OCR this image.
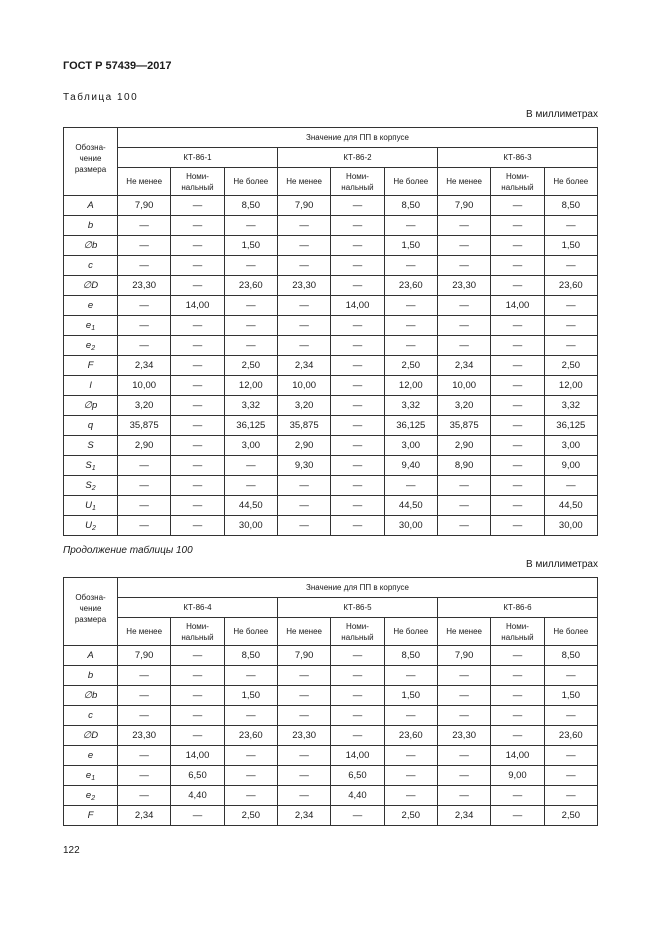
ГОСТ Р 57439—2017
Таблица 100
В миллиметрах
Обозна-
чение
размера	Значение для ПП в корпусе								
	КТ-86-1			КТ-86-2			КТ-86-3		
	Не менее	Номи-
нальный	Не более	Не менее	Номи-
нальный	Не более	Не менее	Номи-
нальный	Не более
A	7,90	—	8,50	7,90	—	8,50	7,90	—	8,50
b	—	—	—	—	—	—	—	—	—
∅b	—	—	1,50	—	—	1,50	—	—	1,50
c	—	—	—	—	—	—	—	—	—
∅D	23,30	—	23,60	23,30	—	23,60	23,30	—	23,60
e	—	14,00	—	—	14,00	—	—	14,00	—
$e_1$	—	—	—	—	—	—	—	—	—
$e_2$	—	—	—	—	—	—	—	—	—
F	2,34	—	2,50	2,34	—	2,50	2,34	—	2,50
l	10,00	—	12,00	10,00	—	12,00	10,00	—	12,00
∅p	3,20	—	3,32	3,20	—	3,32	3,20	—	3,32
q	35,875	—	36,125	35,875	—	36,125	35,875	—	36,125
S	2,90	—	3,00	2,90	—	3,00	2,90	—	3,00
$S_1$	—	—	—	9,30	—	9,40	8,90	—	9,00
$S_2$	—	—	—	—	—	—	—	—	—
$U_1$	—	—	44,50	—	—	44,50	—	—	44,50
$U_2$	—	—	30,00	—	—	30,00	—	—	30,00
Продолжение таблицы 100
В миллиметрах
Обозна-
чение
размера	Значение для ПП в корпусе								
	КТ-86-4			КТ-86-5			КТ-86-6		
	Не менее	Номи-
нальный	Не более	Не менее	Номи-
нальный	Не более	Не менее	Номи-
нальный	Не более
A	7,90	—	8,50	7,90	—	8,50	7,90	—	8,50
b	—	—	—	—	—	—	—	—	—
∅b	—	—	1,50	—	—	1,50	—	—	1,50
c	—	—	—	—	—	—	—	—	—
∅D	23,30	—	23,60	23,30	—	23,60	23,30	—	23,60
e	—	14,00	—	—	14,00	—	—	14,00	—
$e_1$	—	6,50	—	—	6,50	—	—	9,00	—
$e_2$	—	4,40	—	—	4,40	—	—	—	—
F	2,34	—	2,50	2,34	—	2,50	2,34	—	2,50
122
